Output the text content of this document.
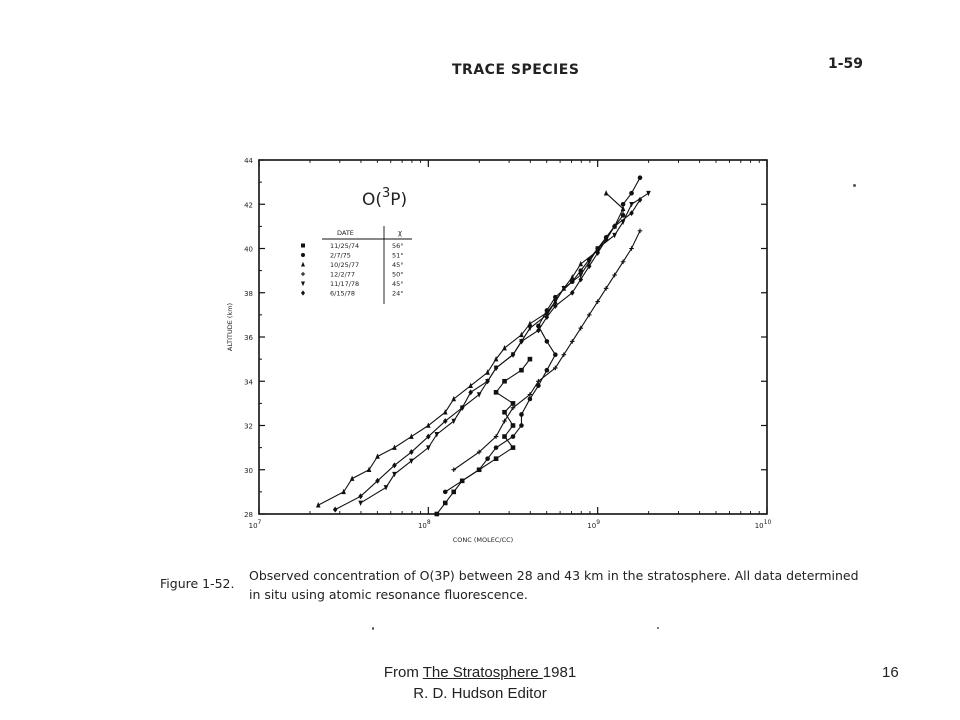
TRACE SPECIES	1-59
28
30
32
34
36
38
40
42
44
107	108	109	1010
CONC (MOLEC/CC)
ALTITUDE (km)
O($^3$P)
DATE	χ
11/25/74	56°
2/7/75	51°
10/25/77	45°
12/2/77	50°
11/17/78	45°
6/15/78	24°
Figure 1-52.
Observed concentration of O(3P) between 28 and 43 km in the stratosphere. All data determined
in situ using atomic resonance fluorescence.
From The Stratosphere 1981
R. D. Hudson Editor
16
